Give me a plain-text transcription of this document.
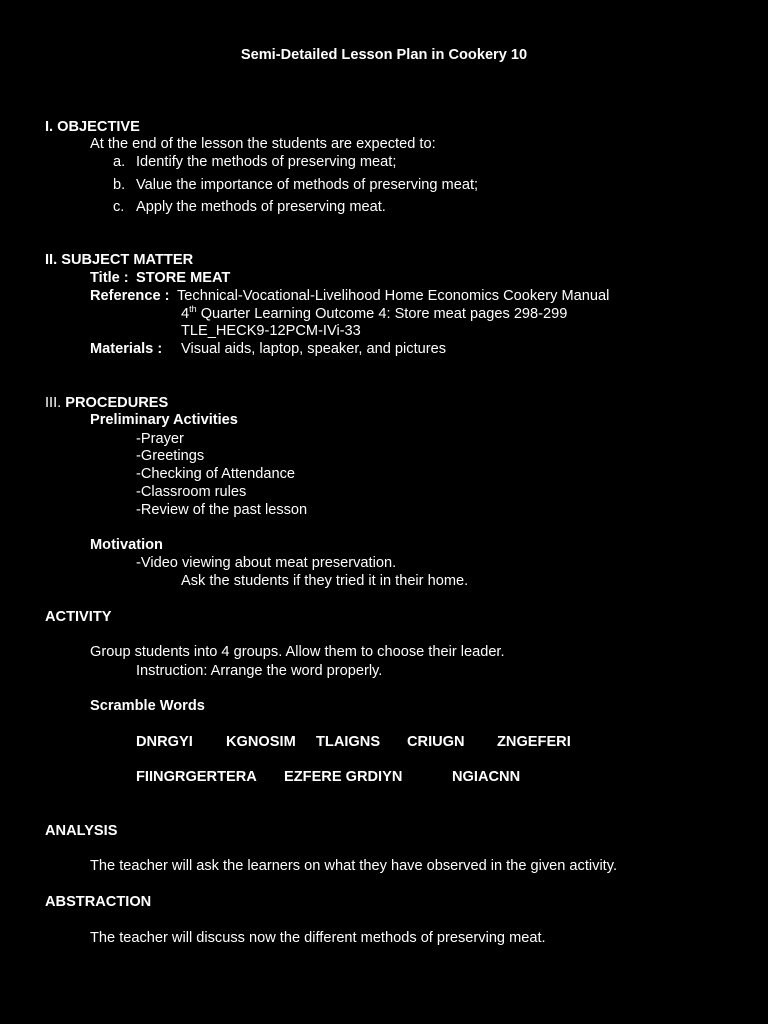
Semi-Detailed Lesson Plan in Cookery 10
I. OBJECTIVE
At the end of the lesson the students are expected to:
a. Identify the methods of preserving meat;
b. Value the importance of methods of preserving meat;
c. Apply the methods of preserving meat.
II. SUBJECT MATTER
Title : STORE MEAT
Reference : Technical-Vocational-Livelihood Home Economics Cookery Manual
4th Quarter Learning Outcome 4: Store meat pages 298-299
TLE_HECK9-12PCM-IVi-33
Materials : Visual aids, laptop, speaker, and pictures
III. PROCEDURES
Preliminary Activities
-Prayer
-Greetings
-Checking of Attendance
-Classroom rules
-Review of the past lesson
Motivation
-Video viewing about meat preservation.
Ask the students if they tried it in their home.
ACTIVITY
Group students into 4 groups. Allow them to choose their leader.
Instruction: Arrange the word properly.
Scramble Words
DNRGYI KGNOSIM TLAIGNS CRIUGN ZNGEFERI
FIINGRGERTERA EZFERE GRDIYN	NGIACNN
ANALYSIS
The teacher will ask the learners on what they have observed in the given activity.
ABSTRACTION
The teacher will discuss now the different methods of preserving meat.
